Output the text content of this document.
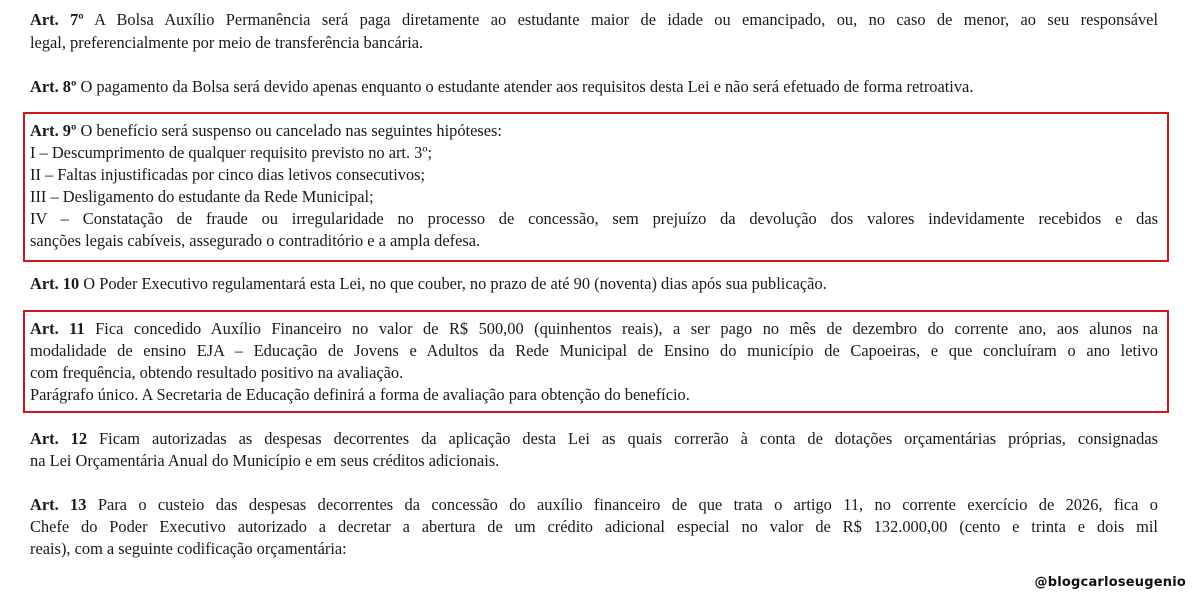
Art. 7º A Bolsa Auxílio Permanência será paga diretamente ao estudante maior de idade ou emancipado, ou, no caso de menor, ao seu responsável
legal, preferencialmente por meio de transferência bancária.
Art. 8º O pagamento da Bolsa será devido apenas enquanto o estudante atender aos requisitos desta Lei e não será efetuado de forma retroativa.
Art. 9º O benefício será suspenso ou cancelado nas seguintes hipóteses:
I – Descumprimento de qualquer requisito previsto no art. 3º;
II – Faltas injustificadas por cinco dias letivos consecutivos;
III – Desligamento do estudante da Rede Municipal;
IV – Constatação de fraude ou irregularidade no processo de concessão, sem prejuízo da devolução dos valores indevidamente recebidos e das
sanções legais cabíveis, assegurado o contraditório e a ampla defesa.
Art. 10 O Poder Executivo regulamentará esta Lei, no que couber, no prazo de até 90 (noventa) dias após sua publicação.
Art. 11 Fica concedido Auxílio Financeiro no valor de R$ 500,00 (quinhentos reais), a ser pago no mês de dezembro do corrente ano, aos alunos na
modalidade de ensino EJA – Educação de Jovens e Adultos da Rede Municipal de Ensino do município de Capoeiras, e que concluíram o ano letivo
com frequência, obtendo resultado positivo na avaliação.
Parágrafo único. A Secretaria de Educação definirá a forma de avaliação para obtenção do benefício.
Art. 12 Ficam autorizadas as despesas decorrentes da aplicação desta Lei as quais correrão à conta de dotações orçamentárias próprias, consignadas
na Lei Orçamentária Anual do Município e em seus créditos adicionais.
Art. 13 Para o custeio das despesas decorrentes da concessão do auxílio financeiro de que trata o artigo 11, no corrente exercício de 2026, fica o
Chefe do Poder Executivo autorizado a decretar a abertura de um crédito adicional especial no valor de R$ 132.000,00 (cento e trinta e dois mil
reais), com a seguinte codificação orçamentária:
@blogcarloseugenio
